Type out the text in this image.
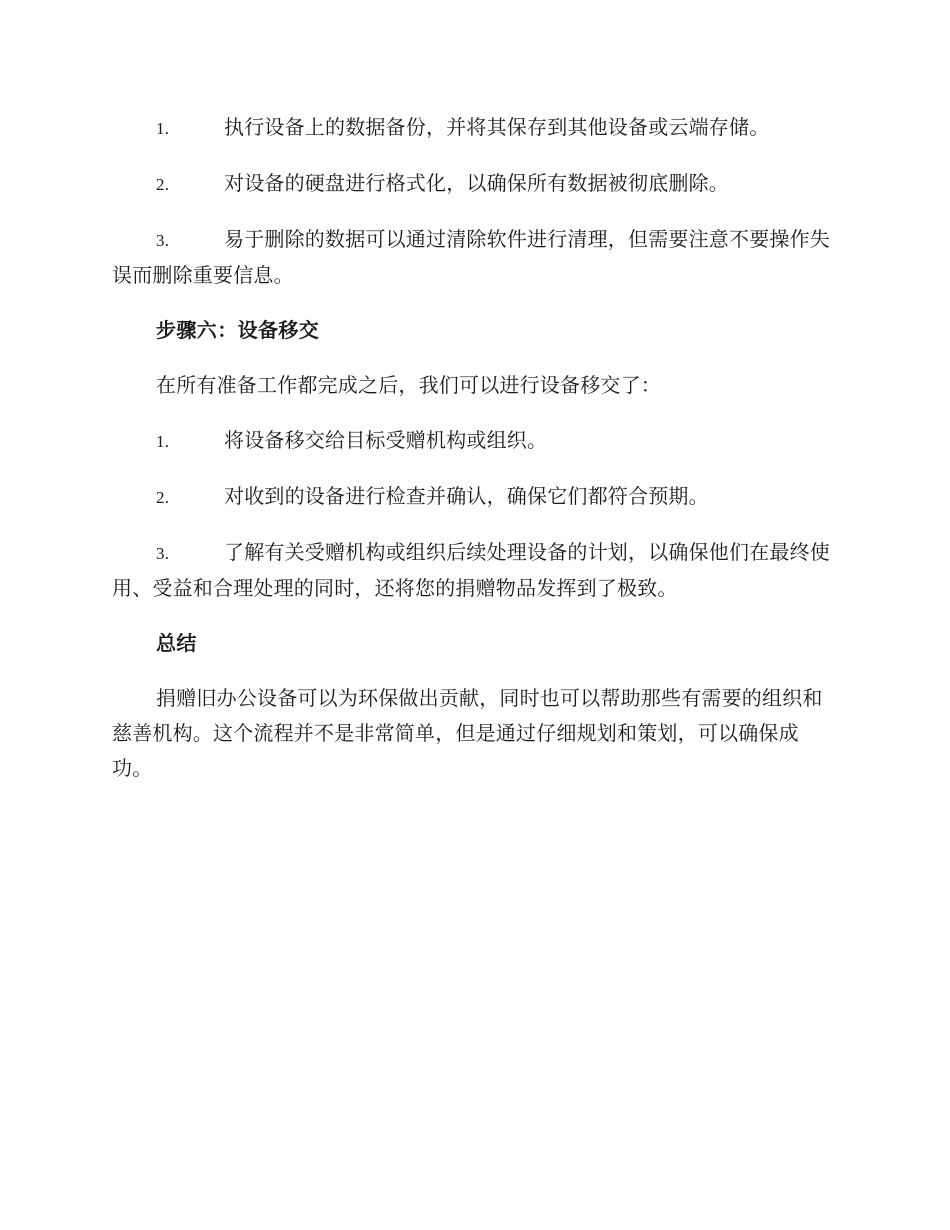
1.	执行设备上的数据备份，并将其保存到其他设备或云端存储。

2.	对设备的硬盘进行格式化，以确保所有数据被彻底删除。

3.	易于删除的数据可以通过清除软件进行清理，但需要注意不要操作失误而删除重要信息。

步骤六：设备移交

在所有准备工作都完成之后，我们可以进行设备移交了：

1.	将设备移交给目标受赠机构或组织。

2.	对收到的设备进行检查并确认，确保它们都符合预期。

3.	了解有关受赠机构或组织后续处理设备的计划，以确保他们在最终使用、受益和合理处理的同时，还将您的捐赠物品发挥到了极致。

总结

捐赠旧办公设备可以为环保做出贡献，同时也可以帮助那些有需要的组织和慈善机构。这个流程并不是非常简单，但是通过仔细规划和策划，可以确保成功。
